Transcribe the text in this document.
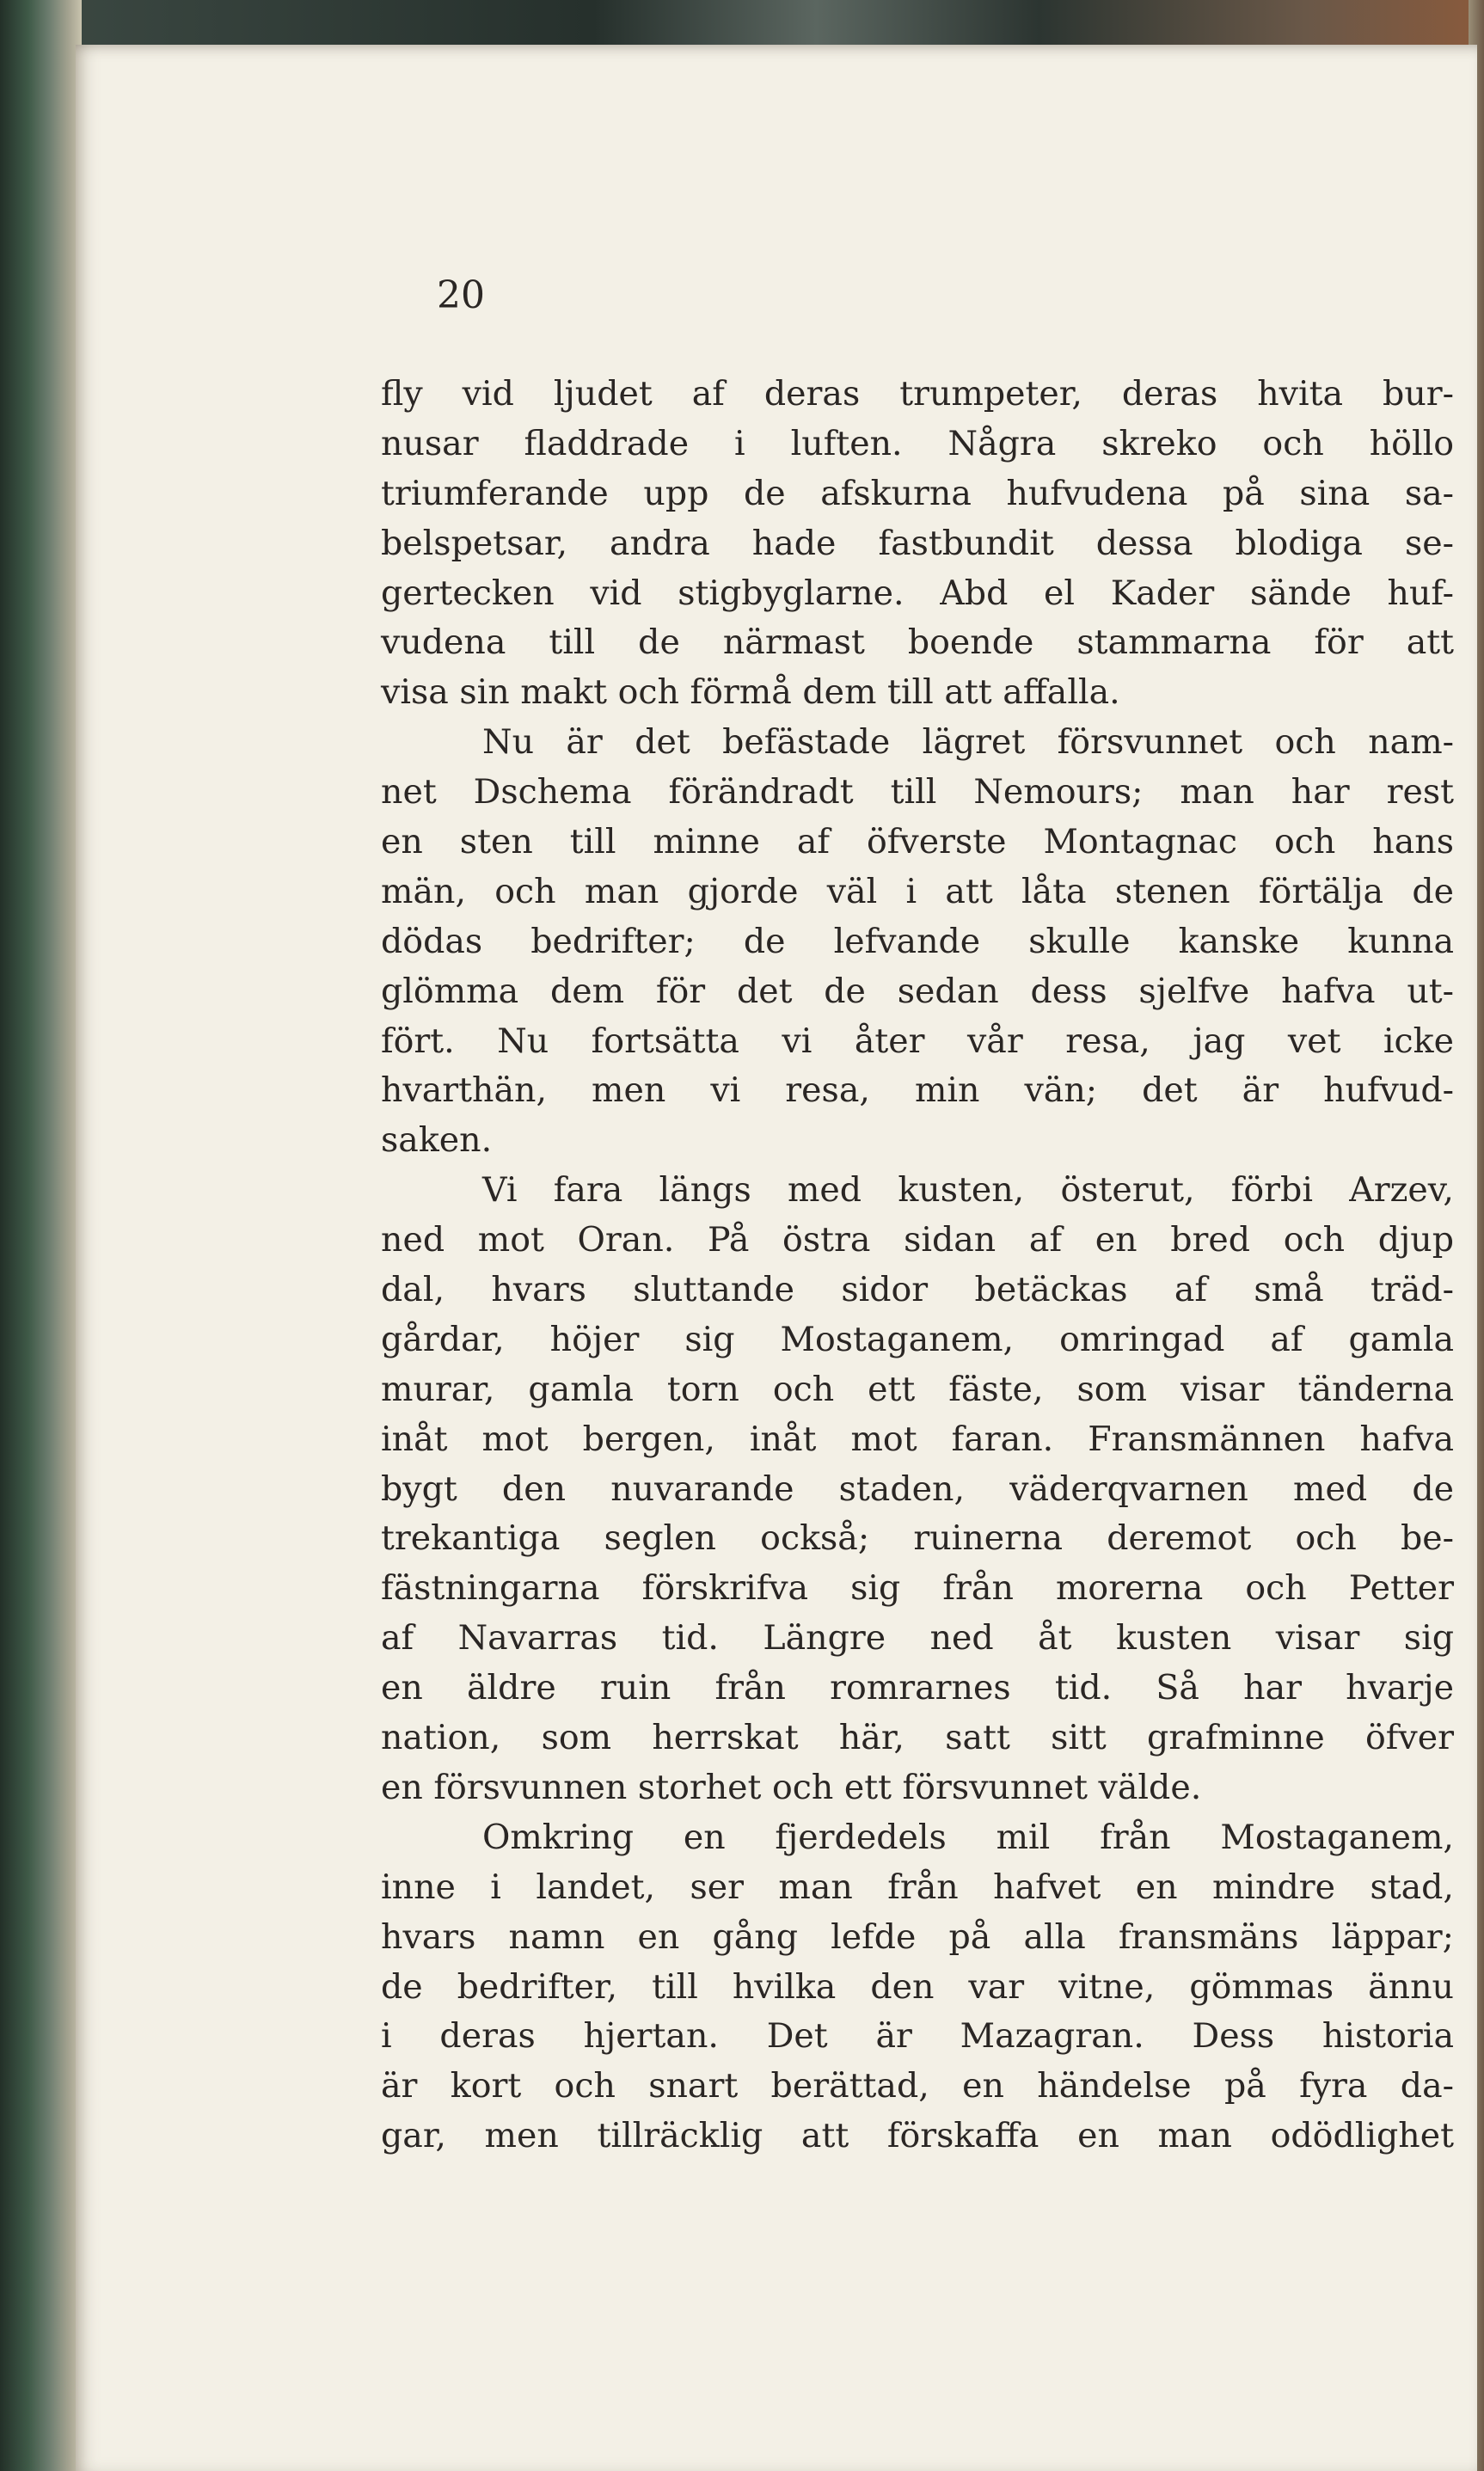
20
fly vid ljudet af deras trumpeter, deras hvita bur-
nusar fladdrade i luften. Några skreko och höllo
triumferande upp de afskurna hufvudena på sina sa-
belspetsar, andra hade fastbundit dessa blodiga se-
gertecken vid stigbyglarne. Abd el Kader sände huf-
vudena till de närmast boende stammarna för att
visa sin makt och förmå dem till att affalla.
Nu är det befästade lägret försvunnet och nam-
net Dschema förändradt till Nemours; man har rest
en sten till minne af öfverste Montagnac och hans
män, och man gjorde väl i att låta stenen förtälja de
dödas bedrifter; de lefvande skulle kanske kunna
glömma dem för det de sedan dess sjelfve hafva ut-
fört. Nu fortsätta vi åter vår resa, jag vet icke
hvarthän, men vi resa, min vän; det är hufvud-
saken.
Vi fara längs med kusten, österut, förbi Arzev,
ned mot Oran. På östra sidan af en bred och djup
dal, hvars sluttande sidor betäckas af små träd-
gårdar, höjer sig Mostaganem, omringad af gamla
murar, gamla torn och ett fäste, som visar tänderna
inåt mot bergen, inåt mot faran. Fransmännen hafva
bygt den nuvarande staden, väderqvarnen med de
trekantiga seglen också; ruinerna deremot och be-
fästningarna förskrifva sig från morerna och Petter
af Navarras tid. Längre ned åt kusten visar sig
en äldre ruin från romrarnes tid. Så har hvarje
nation, som herrskat här, satt sitt grafminne öfver
en försvunnen storhet och ett försvunnet välde.
Omkring en fjerdedels mil från Mostaganem,
inne i landet, ser man från hafvet en mindre stad,
hvars namn en gång lefde på alla fransmäns läppar;
de bedrifter, till hvilka den var vitne, gömmas ännu
i deras hjertan. Det är Mazagran. Dess historia
är kort och snart berättad, en händelse på fyra da-
gar, men tillräcklig att förskaffa en man odödlighet
